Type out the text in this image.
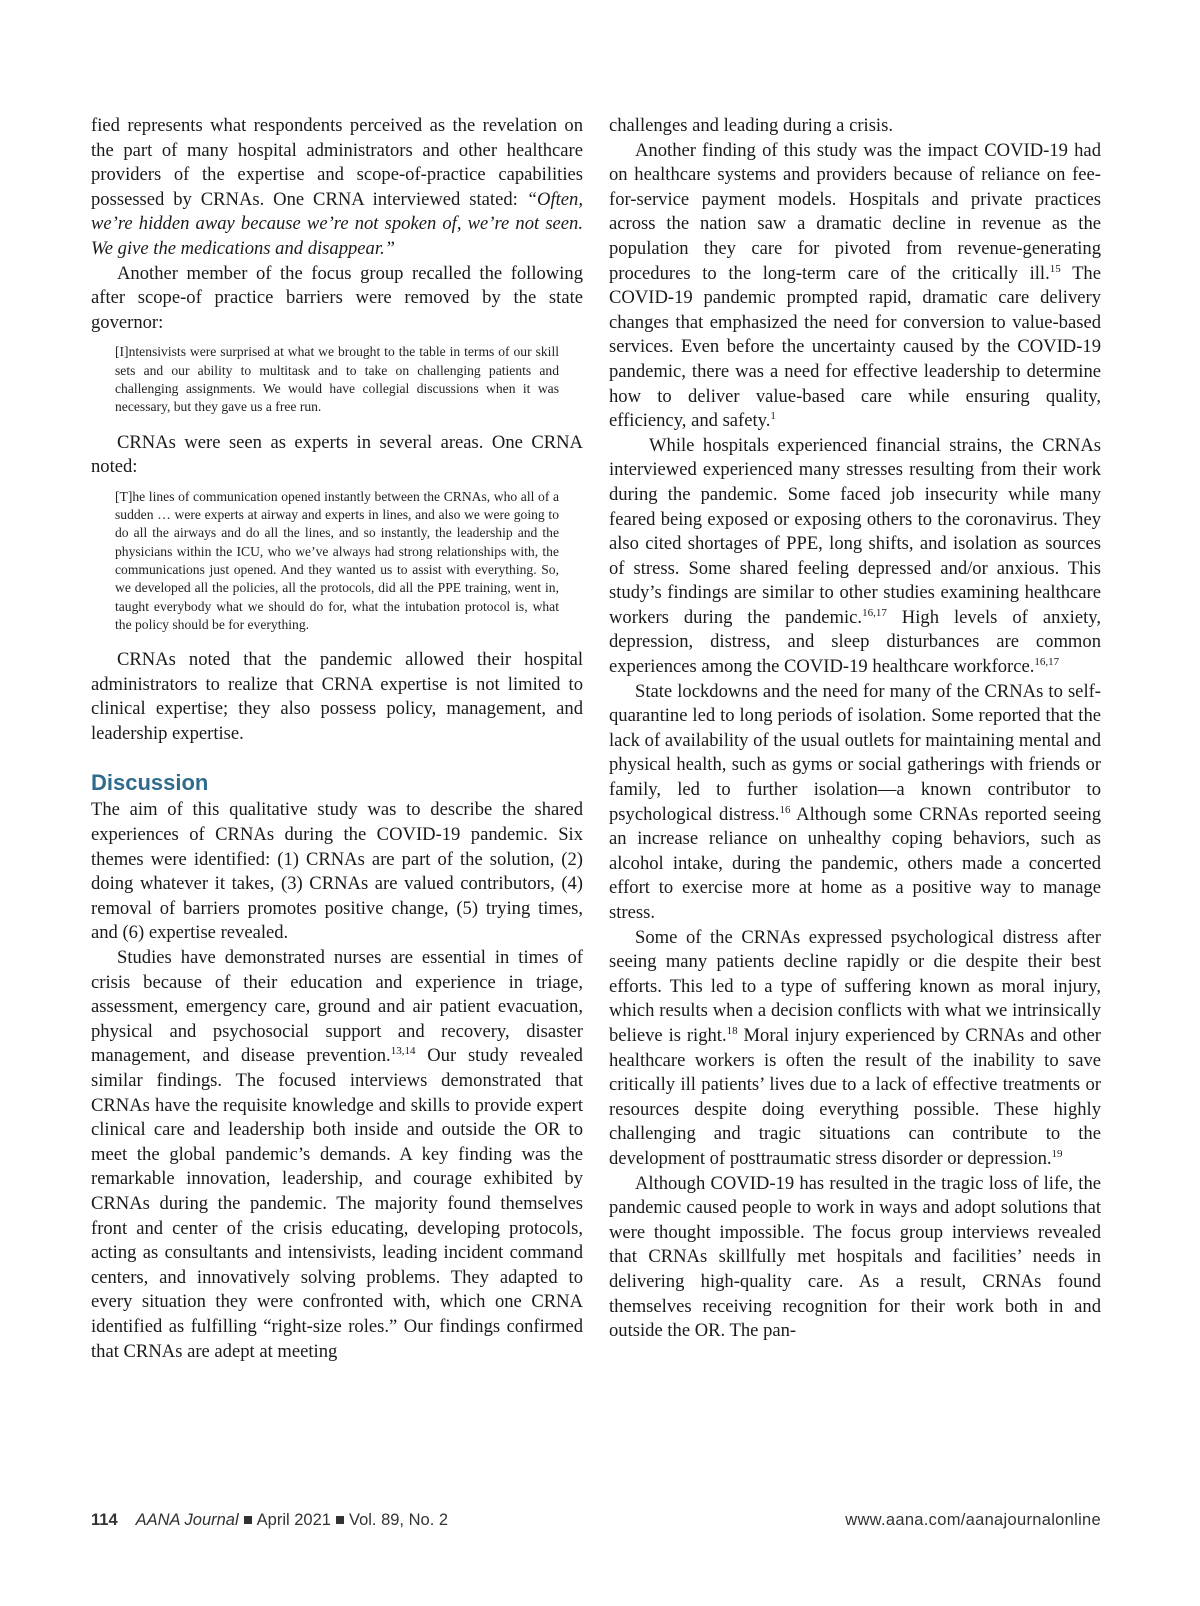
fied represents what respondents perceived as the revelation on the part of many hospital administrators and other healthcare providers of the expertise and scope-of-practice capabilities possessed by CRNAs. One CRNA interviewed stated: “Often, we’re hidden away because we’re not spoken of, we’re not seen. We give the medications and disappear.”

Another member of the focus group recalled the following after scope-of practice barriers were removed by the state governor:

[I]ntensivists were surprised at what we brought to the table in terms of our skill sets and our ability to multitask and to take on challenging patients and challenging assignments. We would have collegial discussions when it was necessary, but they gave us a free run.

CRNAs were seen as experts in several areas. One CRNA noted:

[T]he lines of communication opened instantly between the CRNAs, who all of a sudden … were experts at airway and experts in lines, and also we were going to do all the airways and do all the lines, and so instantly, the leadership and the physicians within the ICU, who we’ve always had strong relationships with, the communications just opened. And they wanted us to assist with everything. So, we developed all the policies, all the protocols, did all the PPE training, went in, taught everybody what we should do for, what the intubation protocol is, what the policy should be for everything.

CRNAs noted that the pandemic allowed their hospital administrators to realize that CRNA expertise is not limited to clinical expertise; they also possess policy, management, and leadership expertise.

Discussion

The aim of this qualitative study was to describe the shared experiences of CRNAs during the COVID-19 pandemic. Six themes were identified: (1) CRNAs are part of the solution, (2) doing whatever it takes, (3) CRNAs are valued contributors, (4) removal of barriers promotes positive change, (5) trying times, and (6) expertise revealed.

Studies have demonstrated nurses are essential in times of crisis because of their education and experience in triage, assessment, emergency care, ground and air patient evacuation, physical and psychosocial support and recovery, disaster management, and disease prevention.$^{13,14}$ Our study revealed similar findings. The focused interviews demonstrated that CRNAs have the requisite knowledge and skills to provide expert clinical care and leadership both inside and outside the OR to meet the global pandemic’s demands. A key finding was the remarkable innovation, leadership, and courage exhibited by CRNAs during the pandemic. The majority found themselves front and center of the crisis educating, developing protocols, acting as consultants and intensivists, leading incident command centers, and innovatively solving problems. They adapted to every situation they were confronted with, which one CRNA identified as fulfilling “right-size roles.” Our findings confirmed that CRNAs are adept at meeting

challenges and leading during a crisis.

Another finding of this study was the impact COVID-19 had on healthcare systems and providers because of reliance on fee-for-service payment models. Hospitals and private practices across the nation saw a dramatic decline in revenue as the population they care for pivoted from revenue-generating procedures to the long-term care of the critically ill.$^{15}$ The COVID-19 pandemic prompted rapid, dramatic care delivery changes that emphasized the need for conversion to value-based services. Even before the uncertainty caused by the COVID-19 pandemic, there was a need for effective leadership to determine how to deliver value-based care while ensuring quality, efficiency, and safety.$^1$

While hospitals experienced financial strains, the CRNAs interviewed experienced many stresses resulting from their work during the pandemic. Some faced job insecurity while many feared being exposed or exposing others to the coronavirus. They also cited shortages of PPE, long shifts, and isolation as sources of stress. Some shared feeling depressed and/or anxious. This study’s findings are similar to other studies examining healthcare workers during the pandemic.$^{16,17}$ High levels of anxiety, depression, distress, and sleep disturbances are common experiences among the COVID-19 healthcare workforce.$^{16,17}$

State lockdowns and the need for many of the CRNAs to self-quarantine led to long periods of isolation. Some reported that the lack of availability of the usual outlets for maintaining mental and physical health, such as gyms or social gatherings with friends or family, led to further isolation—a known contributor to psychological distress.$^{16}$ Although some CRNAs reported seeing an increase reliance on unhealthy coping behaviors, such as alcohol intake, during the pandemic, others made a concerted effort to exercise more at home as a positive way to manage stress.

Some of the CRNAs expressed psychological distress after seeing many patients decline rapidly or die despite their best efforts. This led to a type of suffering known as moral injury, which results when a decision conflicts with what we intrinsically believe is right.$^{18}$ Moral injury experienced by CRNAs and other healthcare workers is often the result of the inability to save critically ill patients’ lives due to a lack of effective treatments or resources despite doing everything possible. These highly challenging and tragic situations can contribute to the development of posttraumatic stress disorder or depression.$^{19}$

Although COVID-19 has resulted in the tragic loss of life, the pandemic caused people to work in ways and adopt solutions that were thought impossible. The focus group interviews revealed that CRNAs skillfully met hospitals and facilities’ needs in delivering high-quality care. As a result, CRNAs found themselves receiving recognition for their work both in and outside the OR. The pan-

114 AANA Journal April 2021 Vol. 89, No. 2	www.aana.com/aanajournalonline
